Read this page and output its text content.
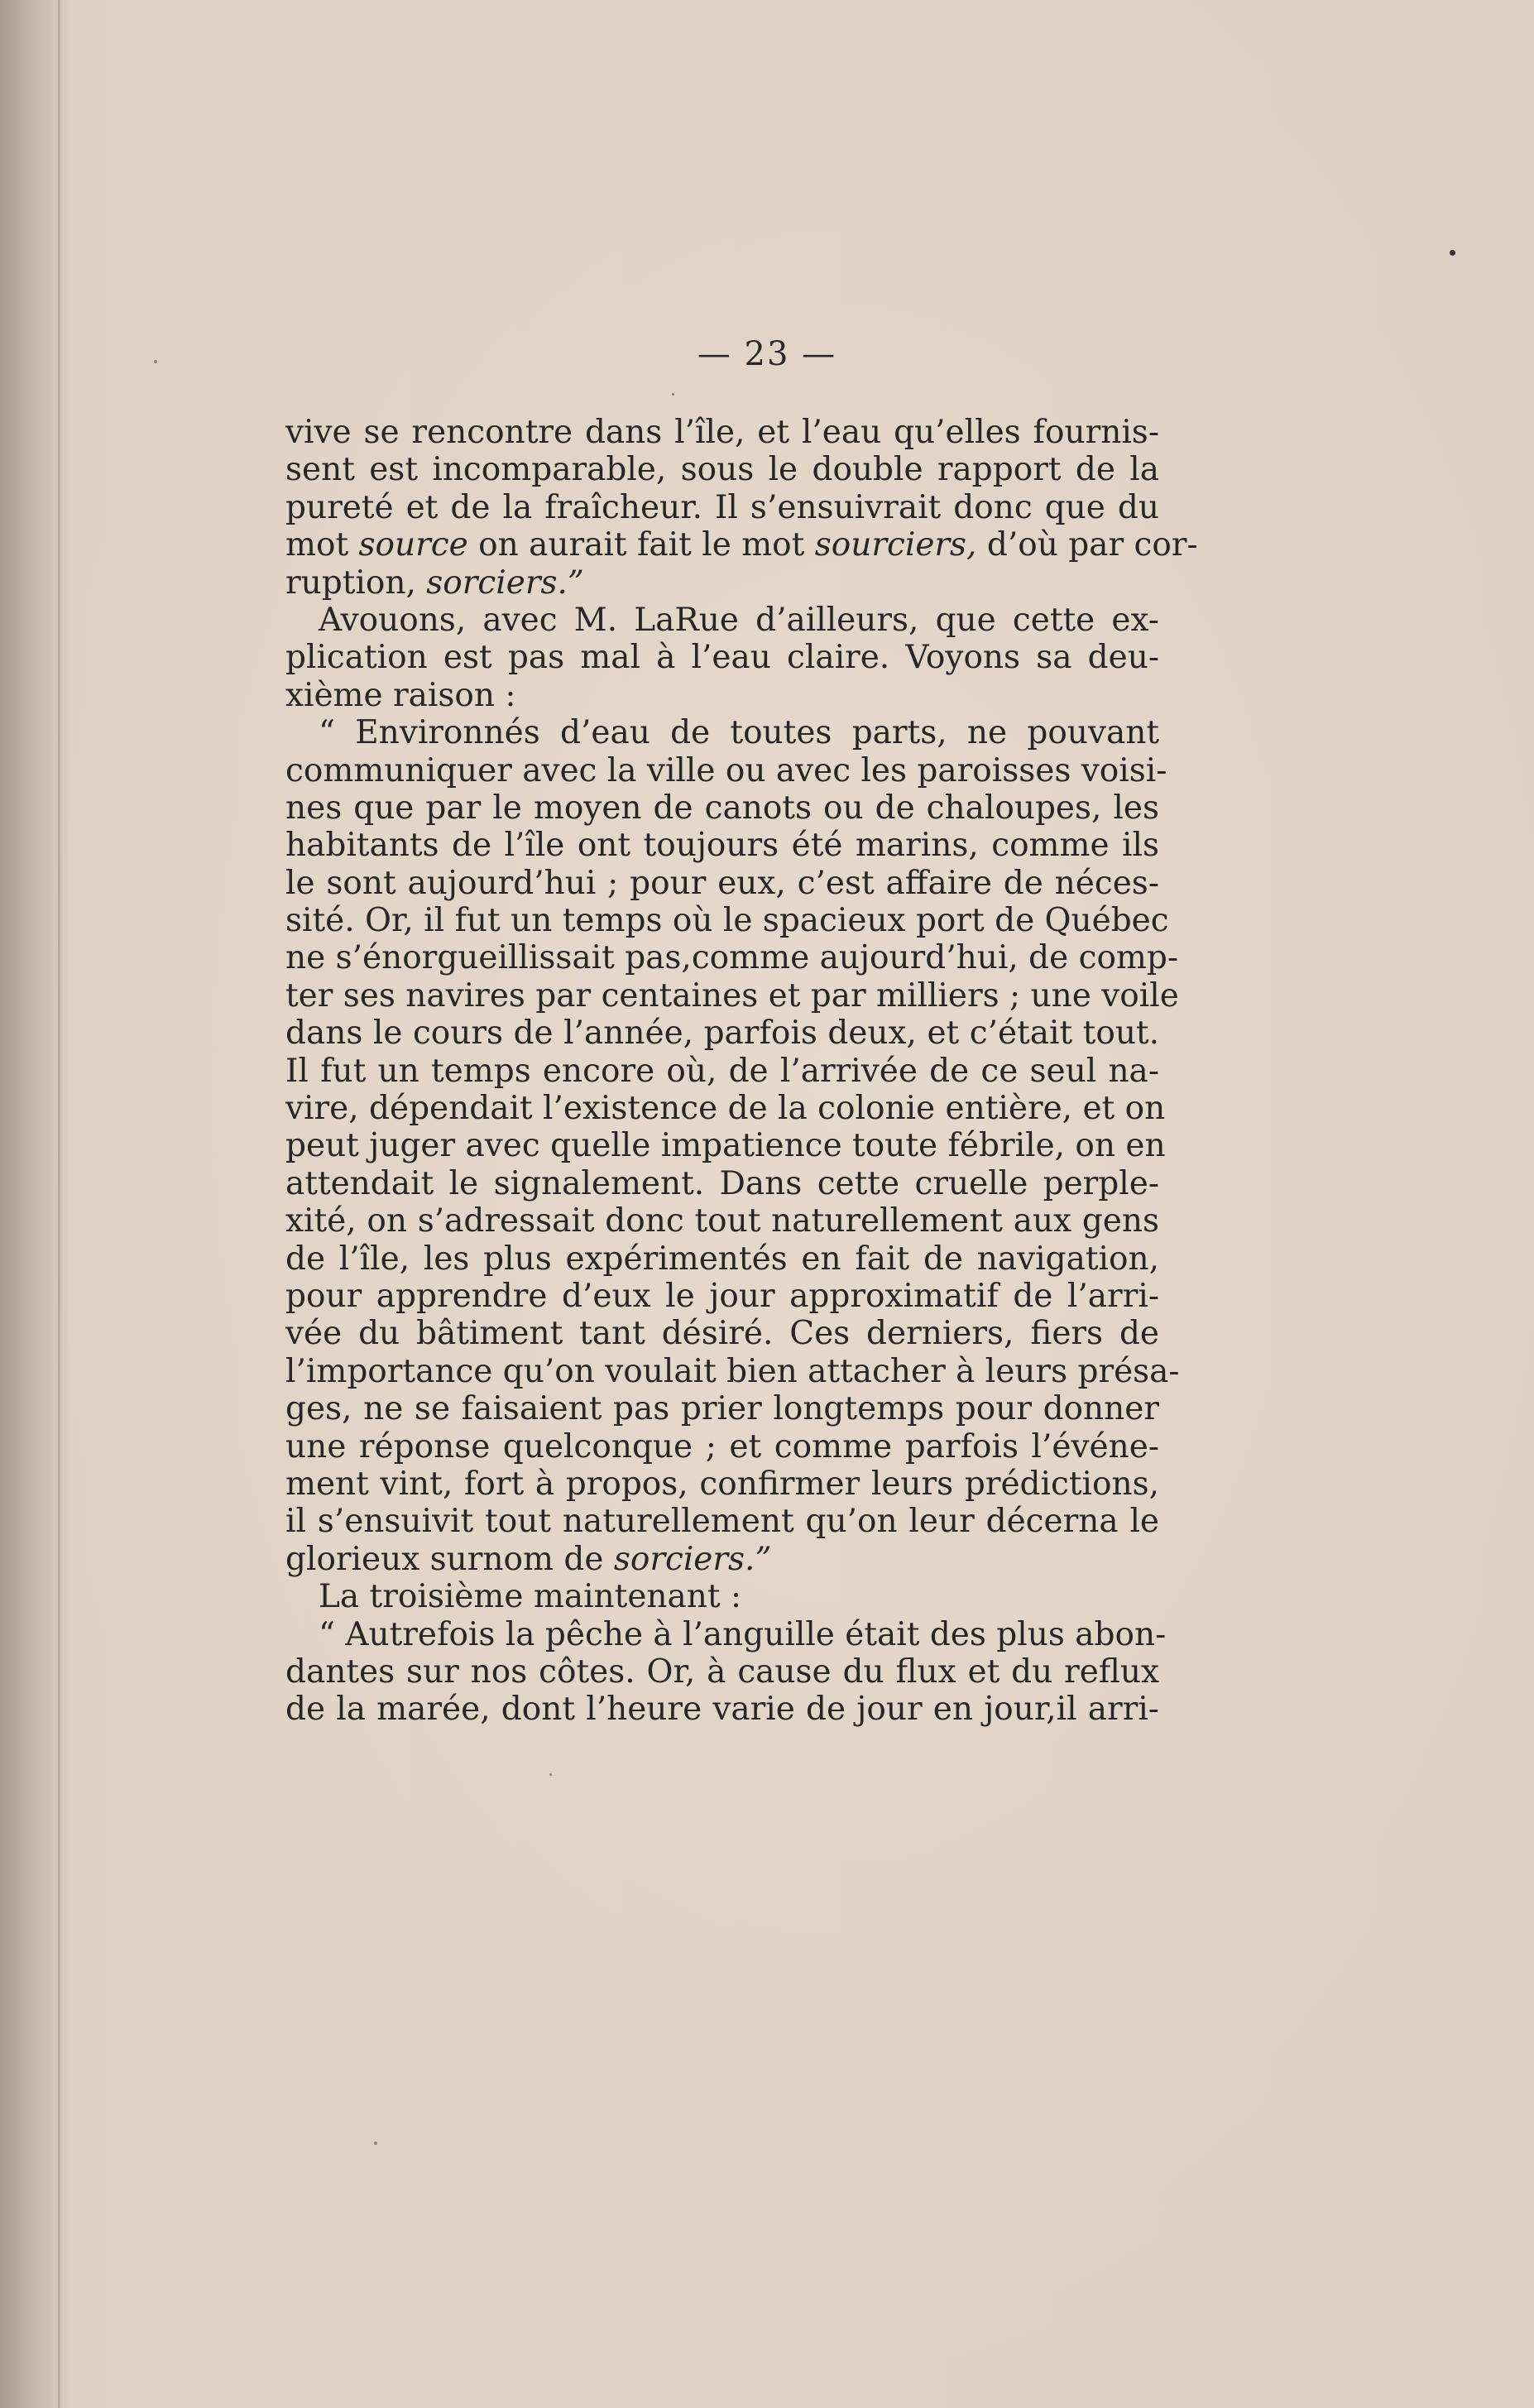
— 23 —

vive se rencontre dans l’île, et l’eau qu’elles fournis-
sent est incomparable, sous le double rapport de la
pureté et de la fraîcheur. Il s’ensuivrait donc que du
mot source on aurait fait le mot sourciers, d’où par cor-
ruption, sorciers.”
Avouons, avec M. LaRue d’ailleurs, que cette ex-
plication est pas mal à l’eau claire. Voyons sa deu-
xième raison :
“ Environnés d’eau de toutes parts, ne pouvant
communiquer avec la ville ou avec les paroisses voisi-
nes que par le moyen de canots ou de chaloupes, les
habitants de l’île ont toujours été marins, comme ils
le sont aujourd’hui ; pour eux, c’est affaire de néces-
sité. Or, il fut un temps où le spacieux port de Québec
ne s’énorgueillissait pas,comme aujourd’hui, de comp-
ter ses navires par centaines et par milliers ; une voile
dans le cours de l’année, parfois deux, et c’était tout.
Il fut un temps encore où, de l’arrivée de ce seul na-
vire, dépendait l’existence de la colonie entière, et on
peut juger avec quelle impatience toute fébrile, on en
attendait le signalement. Dans cette cruelle perple-
xité, on s’adressait donc tout naturellement aux gens
de l’île, les plus expérimentés en fait de navigation,
pour apprendre d’eux le jour approximatif de l’arri-
vée du bâtiment tant désiré. Ces derniers, fiers de
l’importance qu’on voulait bien attacher à leurs présa-
ges, ne se faisaient pas prier longtemps pour donner
une réponse quelconque ; et comme parfois l’événe-
ment vint, fort à propos, confirmer leurs prédictions,
il s’ensuivit tout naturellement qu’on leur décerna le
glorieux surnom de sorciers.”
La troisième maintenant :
“ Autrefois la pêche à l’anguille était des plus abon-
dantes sur nos côtes. Or, à cause du flux et du reflux
de la marée, dont l’heure varie de jour en jour,il arri-
